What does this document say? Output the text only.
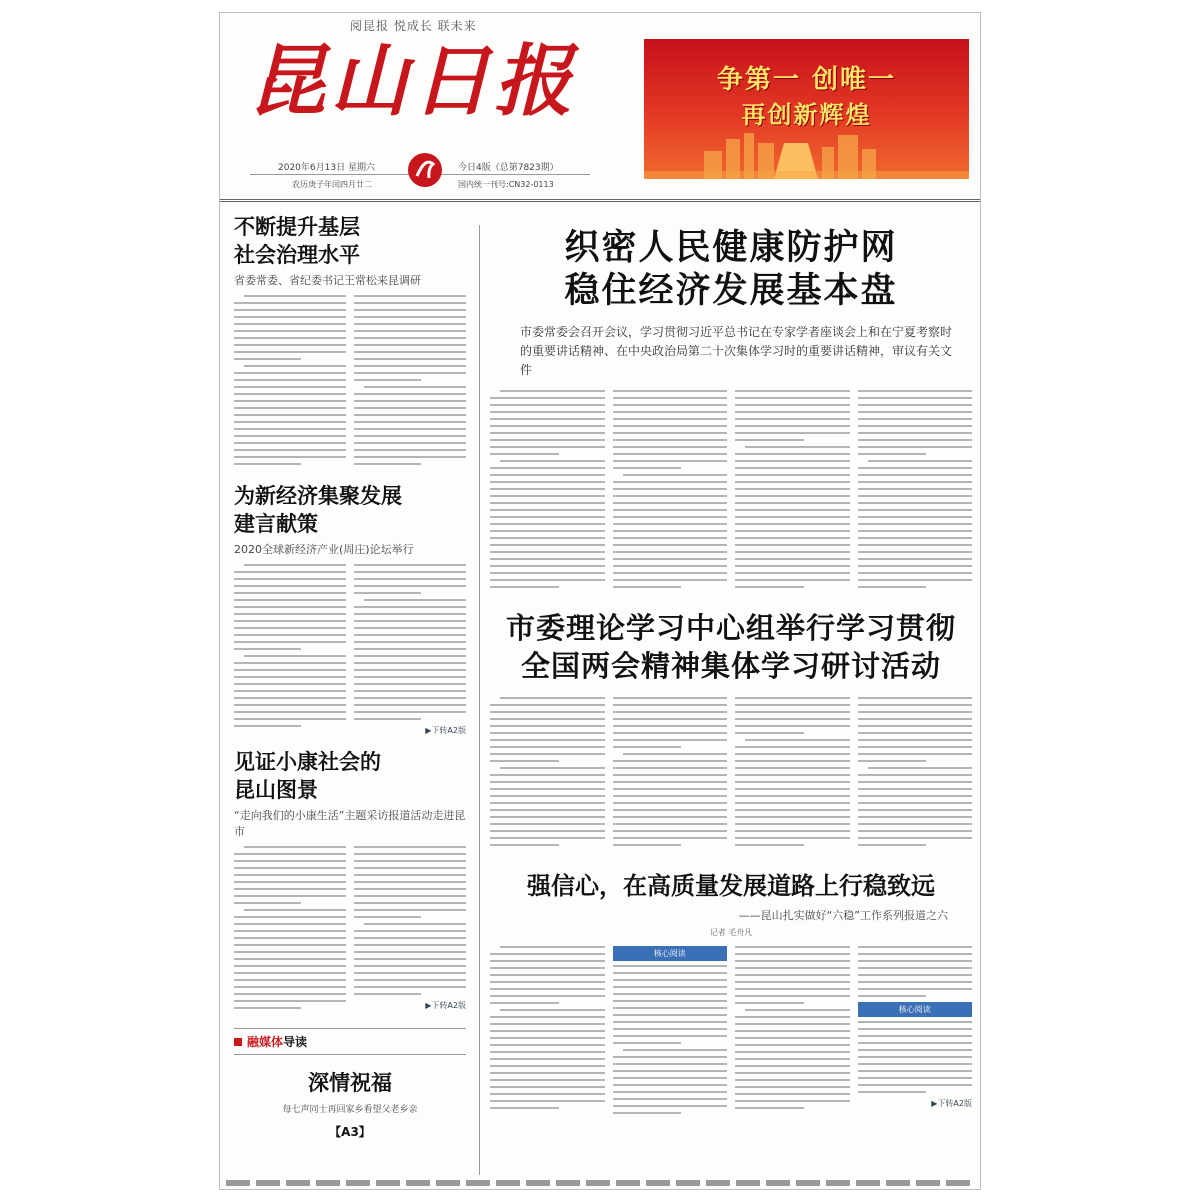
阅昆报 悦成长 联未来
昆山日报
2020年6月13日 星期六
农历庚子年闰四月廿二
今日4版（总第7823期）
国内统一刊号:CN32-0113
争第一 创唯一
再创新辉煌
不断提升基层
社会治理水平
省委常委、省纪委书记王常松来昆调研
为新经济集聚发展
建言献策
2020全球新经济产业(周庄)论坛举行
▶下转A2版
见证小康社会的
昆山图景
“走向我们的小康生活”主题采访报道活动走进昆市
▶下转A2版
融媒体 导读
深情祝福
每七声同士再回家乡看望父老乡亲
【A3】
织密人民健康防护网
稳住经济发展基本盘

市委常委会召开会议，学习贯彻习近平总书记在专家学者座谈会上和在宁夏考察时的重要讲话精神、在中央政治局第二十次集体学习时的重要讲话精神，审议有关文件

市委理论学习中心组举行学习贯彻
全国两会精神集体学习研讨活动
强信心，在高质量发展道路上行稳致远
——昆山扎实做好“六稳”工作系列报道之六
记者 毛舟凡
核心阅读
核心阅读
▶下转A2版
